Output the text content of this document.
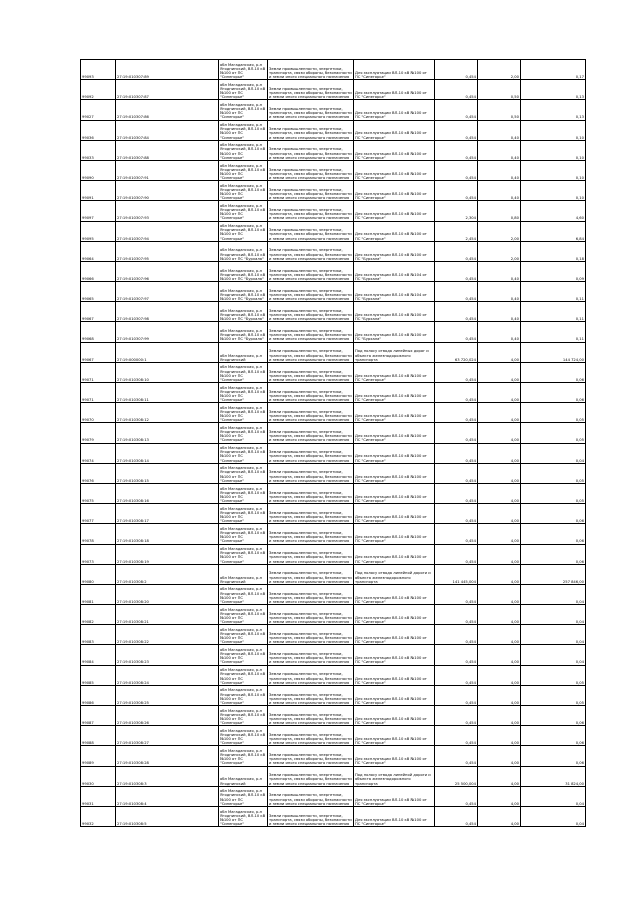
99093	27:19:010307:89	обл Магаданская, р-н Ягоднинский, ВЛ-10 кВ №100 от ПС "Синегорье"	Земли промышленности, энергетики, транспорта, связи обороны, безопасности и земли иного специального назначения	Для эксплуатации ВЛ-10 кВ №100 от ПС "Синегорье"	0,454	2,00	0,17
99092	27:19:010307:87	обл Магаданская, р-н Ягоднинский, ВЛ-10 кВ №100 от ПС "Синегорье"	Земли промышленности, энергетики, транспорта, связи обороны, безопасности и земли иного специального назначения	Для эксплуатации ВЛ-10 кВ №100 от ПС "Синегорье"	0,454	0,50	0,13
99027	27:19:010307:86	обл Магаданская, р-н Ягоднинский, ВЛ-10 кВ №100 от ПС "Синегорье"	Земли промышленности, энергетики, транспорта, связи обороны, безопасности и земли иного специального назначения	Для эксплуатации ВЛ-10 кВ №100 от ПС "Синегорье"	0,454	0,50	0,13
99036	27:19:010307:84	обл Магаданская, р-н Ягоднинский, ВЛ-10 кВ №100 от ПС "Синегорье"	Земли промышленности, энергетики, транспорта, связи обороны, безопасности и земли иного специального назначения	Для эксплуатации ВЛ-10 кВ №100 от ПС "Синегорье"	0,454	0,40	0,10
99033	27:19:010307:88	обл Магаданская, р-н Ягоднинский, ВЛ-10 кВ №100 от ПС "Синегорье"	Земли промышленности, энергетики, транспорта, связи обороны, безопасности и земли иного специального назначения	Для эксплуатации ВЛ-10 кВ №100 от ПС "Синегорье"	0,454	0,40	0,10
99090	27:19:010307:91	обл Магаданская, р-н Ягоднинский, ВЛ-10 кВ №100 от ПС "Синегорье"	Земли промышленности, энергетики, транспорта, связи обороны, безопасности и земли иного специального назначения	Для эксплуатации ВЛ-10 кВ №100 от ПС "Синегорье"	0,454	0,40	0,10
99091	27:19:010307:90	обл Магаданская, р-н Ягоднинский, ВЛ-10 кВ №100 от ПС "Синегорье"	Земли промышленности, энергетики, транспорта, связи обороны, безопасности и земли иного специального назначения	Для эксплуатации ВЛ-10 кВ №100 от ПС "Синегорье"	0,454	0,40	0,10
99097	27:19:010307:93	обл Магаданская, р-н Ягоднинский, ВЛ-10 кВ №100 от ПС "Синегорье"	Земли промышленности, энергетики, транспорта, связи обороны, безопасности и земли иного специального назначения	Для эксплуатации ВЛ-10 кВ №100 от ПС "Синегорье"	2,304	0,80	4,60
99095	27:19:010307:94	обл Магаданская, р-н Ягоднинский, ВЛ-10 кВ №100 от ПС "Синегорье"	Земли промышленности, энергетики, транспорта, связи обороны, безопасности и земли иного специального назначения	Для эксплуатации ВЛ-10 кВ №100 от ПС "Синегорье"	2,454	2,00	6,84
99064	27:19:010307:95	обл Магаданская, р-н Ягоднинский, ВЛ-10 кВ №100 от ПС "Бурхала"	Земли промышленности, энергетики, транспорта, связи обороны, безопасности и земли иного специального назначения	Для эксплуатации ВЛ-10 кВ №100 от ПС "Бурхала"	0,454	2,00	0,18
99066	27:19:010307:96	обл Магаданская, р-н Ягоднинский, ВЛ-10 кВ №100 от ПС "Бурхала"	Земли промышленности, энергетики, транспорта, связи обороны, безопасности и земли иного специального назначения	Для эксплуатации ВЛ-10 кВ №104 от ПС "Бурхала"	0,454	0,40	0,09
99065	27:19:010307:97	обл Магаданская, р-н Ягоднинский, ВЛ-10 кВ №100 от ПС "Бурхала"	Земли промышленности, энергетики, транспорта, связи обороны, безопасности и земли иного специального назначения	Для эксплуатации ВЛ-10 кВ №104 от ПС "Бурхала"	0,454	0,40	0,11
99067	27:19:010307:98	обл Магаданская, р-н Ягоднинский, ВЛ-10 кВ №100 от ПС "Бурхала"	Земли промышленности, энергетики, транспорта, связи обороны, безопасности и земли иного специального назначения	Для эксплуатации ВЛ-10 кВ №100 от ПС "Бурхала"	0,454	0,40	0,11
99068	27:19:010307:99	обл Магаданская, р-н Ягоднинский, ВЛ-10 кВ №100 от ПС "Бурхала"	Земли промышленности, энергетики, транспорта, связи обороны, безопасности и земли иного специального назначения	Для эксплуатации ВЛ-10 кВ №100 от ПС "Бурхала"	0,454	0,40	0,11
99067	27:19:000000:1	обл Магаданская, р-н Ягоднинский	Земли промышленности, энергетики, транспорта, связи обороны, безопасности и земли иного специального назначения	Под полосу отвода линейных дорог и объекта железнодорожного транспорта	63 720,024	4,00	144 724,00
99071	27:19:010308:10	обл Магаданская, р-н Ягоднинский, ВЛ-10 кВ №100 от ПС "Синегорье"	Земли промышленности, энергетики, транспорта, связи обороны, безопасности и земли иного специального назначения	Для эксплуатации ВЛ-10 кВ №100 от ПС "Синегорье"	0,454	4,00	0,06
99071	27:19:010308:11	обл Магаданская, р-н Ягоднинский, ВЛ-10 кВ №100 от ПС "Синегорье"	Земли промышленности, энергетики, транспорта, связи обороны, безопасности и земли иного специального назначения	Для эксплуатации ВЛ-10 кВ №100 от ПС "Синегорье"	0,454	4,00	0,06
99070	27:19:010308:12	обл Магаданская, р-н Ягоднинский, ВЛ-10 кВ №100 от ПС "Синегорье"	Земли промышленности, энергетики, транспорта, связи обороны, безопасности и земли иного специального назначения	Для эксплуатации ВЛ-10 кВ №100 от ПС "Синегорье"	0,454	4,00	0,05
99079	27:19:010308:13	обл Магаданская, р-н Ягоднинский, ВЛ-10 кВ №100 от ПС "Синегорье"	Земли промышленности, энергетики, транспорта, связи обороны, безопасности и земли иного специального назначения	Для эксплуатации ВЛ-10 кВ №100 от ПС "Синегорье"	0,454	4,00	0,05
99074	27:19:010308:14	обл Магаданская, р-н Ягоднинский, ВЛ-10 кВ №100 от ПС "Синегорье"	Земли промышленности, энергетики, транспорта, связи обороны, безопасности и земли иного специального назначения	Для эксплуатации ВЛ-10 кВ №100 от ПС "Синегорье"	0,454	4,00	0,04
99076	27:19:010308:15	обл Магаданская, р-н Ягоднинский, ВЛ-10 кВ №100 от ПС "Синегорье"	Земли промышленности, энергетики, транспорта, связи обороны, безопасности и земли иного специального назначения	Для эксплуатации ВЛ-10 кВ №100 от ПС "Синегорье"	0,454	4,00	0,05
99075	27:19:010308:16	обл Магаданская, р-н Ягоднинский, ВЛ-10 кВ №100 от ПС "Синегорье"	Земли промышленности, энергетики, транспорта, связи обороны, безопасности и земли иного специального назначения	Для эксплуатации ВЛ-10 кВ №100 от ПС "Синегорье"	0,454	4,00	0,05
99077	27:19:010308:17	обл Магаданская, р-н Ягоднинский, ВЛ-10 кВ №100 от ПС "Синегорье"	Земли промышленности, энергетики, транспорта, связи обороны, безопасности и земли иного специального назначения	Для эксплуатации ВЛ-10 кВ №100 от ПС "Синегорье"	0,454	4,00	0,06
99078	27:19:010308:18	обл Магаданская, р-н Ягоднинский, ВЛ-10 кВ №100 от ПС "Синегорье"	Земли промышленности, энергетики, транспорта, связи обороны, безопасности и земли иного специального назначения	Для эксплуатации ВЛ-10 кВ №100 от ПС "Синегорье"	0,454	4,00	0,06
99073	27:19:010308:19	обл Магаданская, р-н Ягоднинский, ВЛ-10 кВ №100 от ПС "Синегорье"	Земли промышленности, энергетики, транспорта, связи обороны, безопасности и земли иного специального назначения	Для эксплуатации ВЛ-10 кВ №100 от ПС "Синегорье"	0,454	4,00	0,06
99080	27:19:010308:2	обл Магаданская, р-н Ягоднинский	Земли промышленности, энергетики, транспорта, связи обороны, безопасности и земли иного специального назначения	Под полосу отвода линейной дороги и объекта железнодорожного транспорта	141 445,004	4,00	257 846,00
99081	27:19:010308:20	обл Магаданская, р-н Ягоднинский, ВЛ-10 кВ №100 от ПС "Синегорье"	Земли промышленности, энергетики, транспорта, связи обороны, безопасности и земли иного специального назначения	Для эксплуатации ВЛ-10 кВ №100 от ПС "Синегорье"	0,454	4,00	0,04
99082	27:19:010308:21	обл Магаданская, р-н Ягоднинский, ВЛ-10 кВ №100 от ПС "Синегорье"	Земли промышленности, энергетики, транспорта, связи обороны, безопасности и земли иного специального назначения	Для эксплуатации ВЛ-10 кВ №100 от ПС "Синегорье"	0,454	4,00	0,04
99083	27:19:010308:22	обл Магаданская, р-н Ягоднинский, ВЛ-10 кВ №100 от ПС "Синегорье"	Земли промышленности, энергетики, транспорта, связи обороны, безопасности и земли иного специального назначения	Для эксплуатации ВЛ-10 кВ №100 от ПС "Синегорье"	0,454	4,00	0,04
99084	27:19:010308:23	обл Магаданская, р-н Ягоднинский, ВЛ-10 кВ №100 от ПС "Синегорье"	Земли промышленности, энергетики, транспорта, связи обороны, безопасности и земли иного специального назначения	Для эксплуатации ВЛ-10 кВ №100 от ПС "Синегорье"	0,454	4,00	0,04
99085	27:19:010308:24	обл Магаданская, р-н Ягоднинский, ВЛ-10 кВ №100 от ПС "Синегорье"	Земли промышленности, энергетики, транспорта, связи обороны, безопасности и земли иного специального назначения	Для эксплуатации ВЛ-10 кВ №100 от ПС "Синегорье"	0,454	4,00	0,05
99086	27:19:010308:25	обл Магаданская, р-н Ягоднинский, ВЛ-10 кВ №100 от ПС "Синегорье"	Земли промышленности, энергетики, транспорта, связи обороны, безопасности и земли иного специального назначения	Для эксплуатации ВЛ-10 кВ №100 от ПС "Синегорье"	0,454	4,00	0,05
99087	27:19:010308:26	обл Магаданская, р-н Ягоднинский, ВЛ-10 кВ №100 от ПС "Синегорье"	Земли промышленности, энергетики, транспорта, связи обороны, безопасности и земли иного специального назначения	Для эксплуатации ВЛ-10 кВ №100 от ПС "Синегорье"	0,454	4,00	0,06
99088	27:19:010308:27	обл Магаданская, р-н Ягоднинский, ВЛ-10 кВ №100 от ПС "Синегорье"	Земли промышленности, энергетики, транспорта, связи обороны, безопасности и земли иного специального назначения	Для эксплуатации ВЛ-10 кВ №100 от ПС "Синегорье"	0,454	4,00	0,06
99089	27:19:010308:28	обл Магаданская, р-н Ягоднинский, ВЛ-10 кВ №100 от ПС "Синегорье"	Земли промышленности, энергетики, транспорта, связи обороны, безопасности и земли иного специального назначения	Для эксплуатации ВЛ-10 кВ №100 от ПС "Синегорье"	0,454	4,00	0,06
99030	27:19:010308:3	обл Магаданская, р-н Ягоднинский	Земли промышленности, энергетики, транспорта, связи обороны, безопасности и земли иного специального назначения	Под полосу отвода линейной дороги и объекта железнодорожного транспорта	25 500,004	4,00	31 824,00
99031	27:19:010308:4	обл Магаданская, р-н Ягоднинский, ВЛ-10 кВ №100 от ПС "Синегорье"	Земли промышленности, энергетики, транспорта, связи обороны, безопасности и земли иного специального назначения	Для эксплуатации ВЛ-10 кВ №100 от ПС "Синегорье"	0,454	4,00	0,04
99032	27:19:010308:5	обл Магаданская, р-н Ягоднинский, ВЛ-10 кВ №100 от ПС "Синегорье"	Земли промышленности, энергетики, транспорта, связи обороны, безопасности и земли иного специального назначения	Для эксплуатации ВЛ-10 кВ №100 от ПС "Синегорье"	0,454	4,00	0,04
